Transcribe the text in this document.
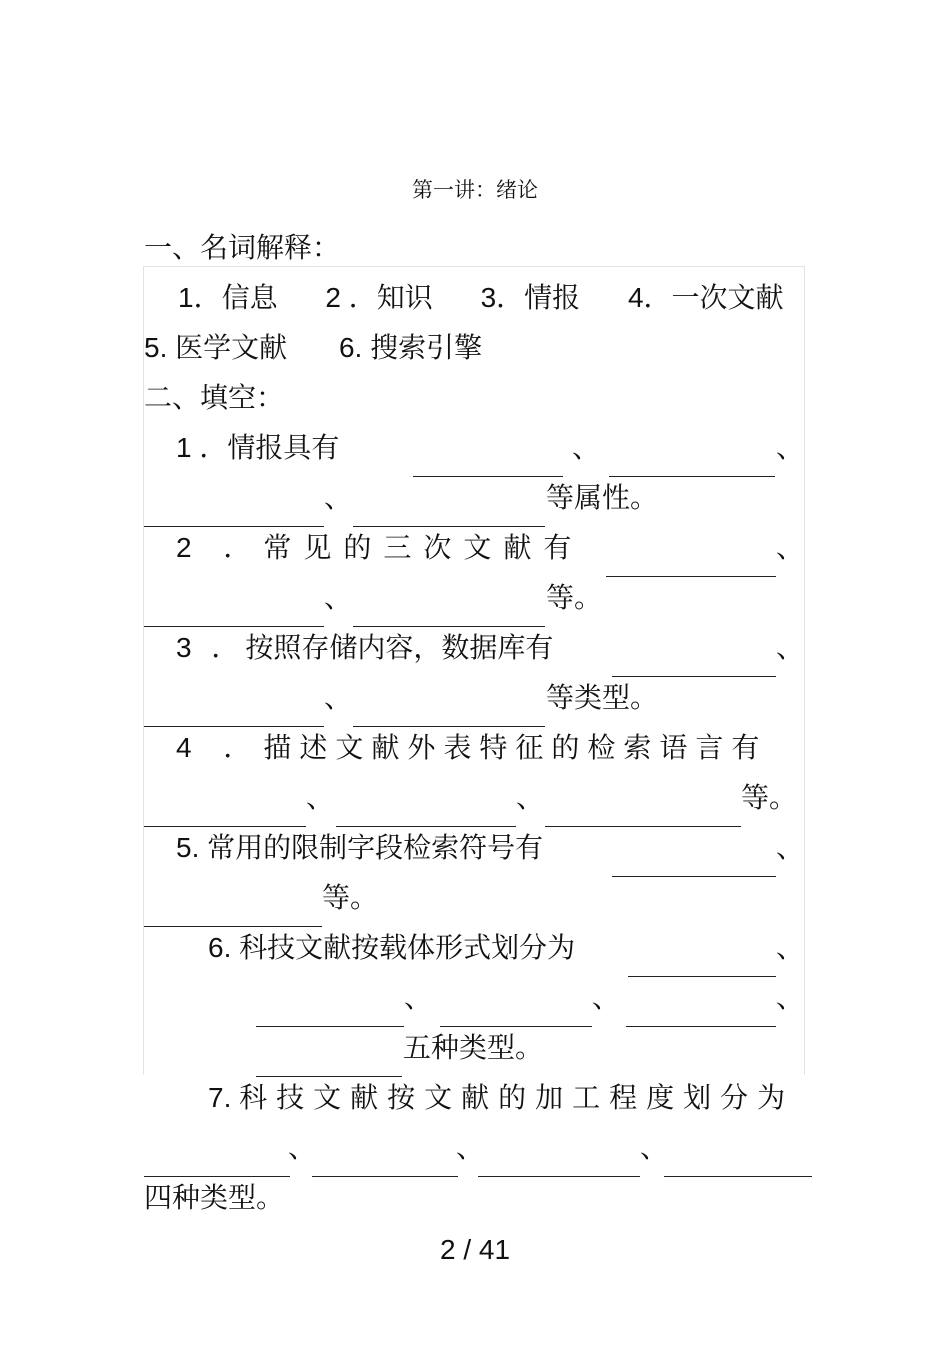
第一讲：绪论
一、名词解释：
1．信息 2 ．知识 3．情报 4．一次文献
5. 医学文献 6. 搜索引擎
二、填空：
1 ．情报具有	、	、
、	等属性。
2 ．常见的三次文献有	、
、	等。
3 ．按照存储内容，数据库有	、
、	等类型。
4 ．描述文献外表特征的检索语言有
、	、	等。
5. 常用的限制字段检索符号有	、
等。
6. 科技文献按载体形式划分为	、
、	、	、
五种类型。
7. 科技文献按文献的加工程度划分为
、	、	、
四种类型。
2 / 41
